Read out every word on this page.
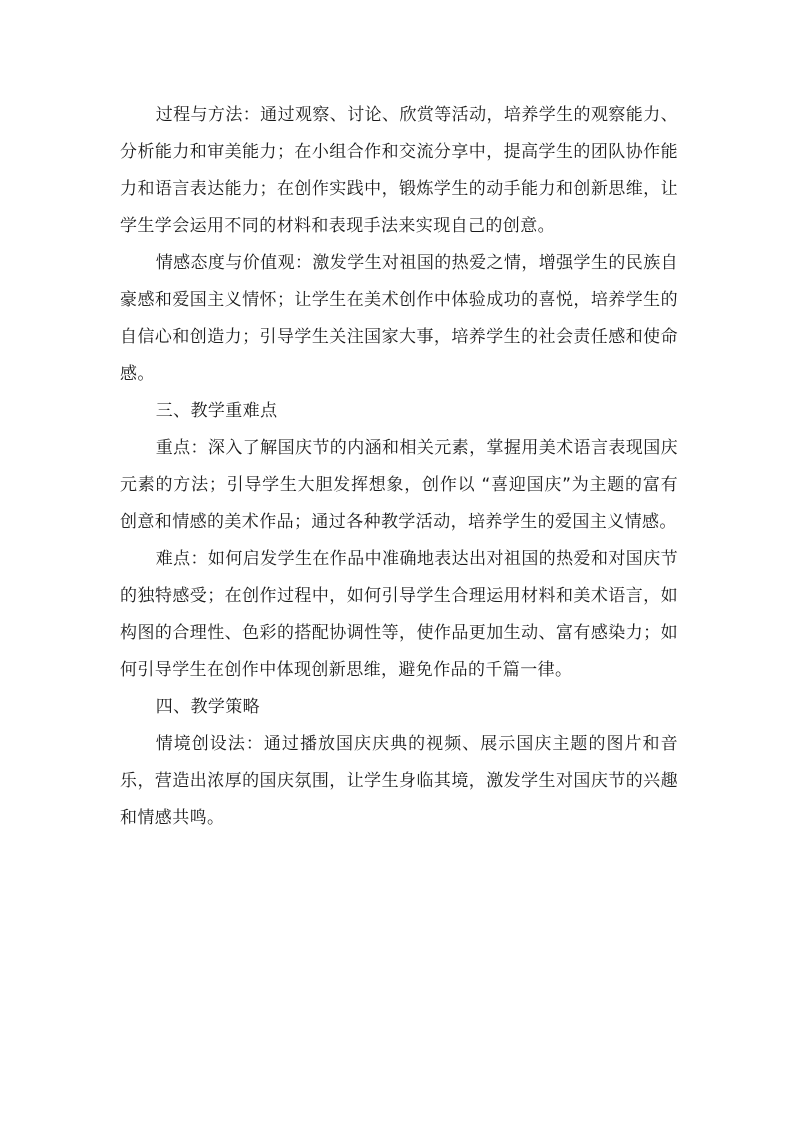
过程与方法：通过观察、讨论、欣赏等活动，培养学生的观察能力、分析能力和审美能力；在小组合作和交流分享中，提高学生的团队协作能力和语言表达能力；在创作实践中，锻炼学生的动手能力和创新思维，让学生学会运用不同的材料和表现手法来实现自己的创意。

情感态度与价值观：激发学生对祖国的热爱之情，增强学生的民族自豪感和爱国主义情怀；让学生在美术创作中体验成功的喜悦，培养学生的自信心和创造力；引导学生关注国家大事，培养学生的社会责任感和使命感。

三、教学重难点

重点：深入了解国庆节的内涵和相关元素，掌握用美术语言表现国庆元素的方法；引导学生大胆发挥想象，创作以 “喜迎国庆”为主题的富有创意和情感的美术作品；通过各种教学活动，培养学生的爱国主义情感。

难点：如何启发学生在作品中准确地表达出对祖国的热爱和对国庆节的独特感受；在创作过程中，如何引导学生合理运用材料和美术语言，如构图的合理性、色彩的搭配协调性等，使作品更加生动、富有感染力；如何引导学生在创作中体现创新思维，避免作品的千篇一律。

四、教学策略

情境创设法：通过播放国庆庆典的视频、展示国庆主题的图片和音乐，营造出浓厚的国庆氛围，让学生身临其境，激发学生对国庆节的兴趣和情感共鸣。
